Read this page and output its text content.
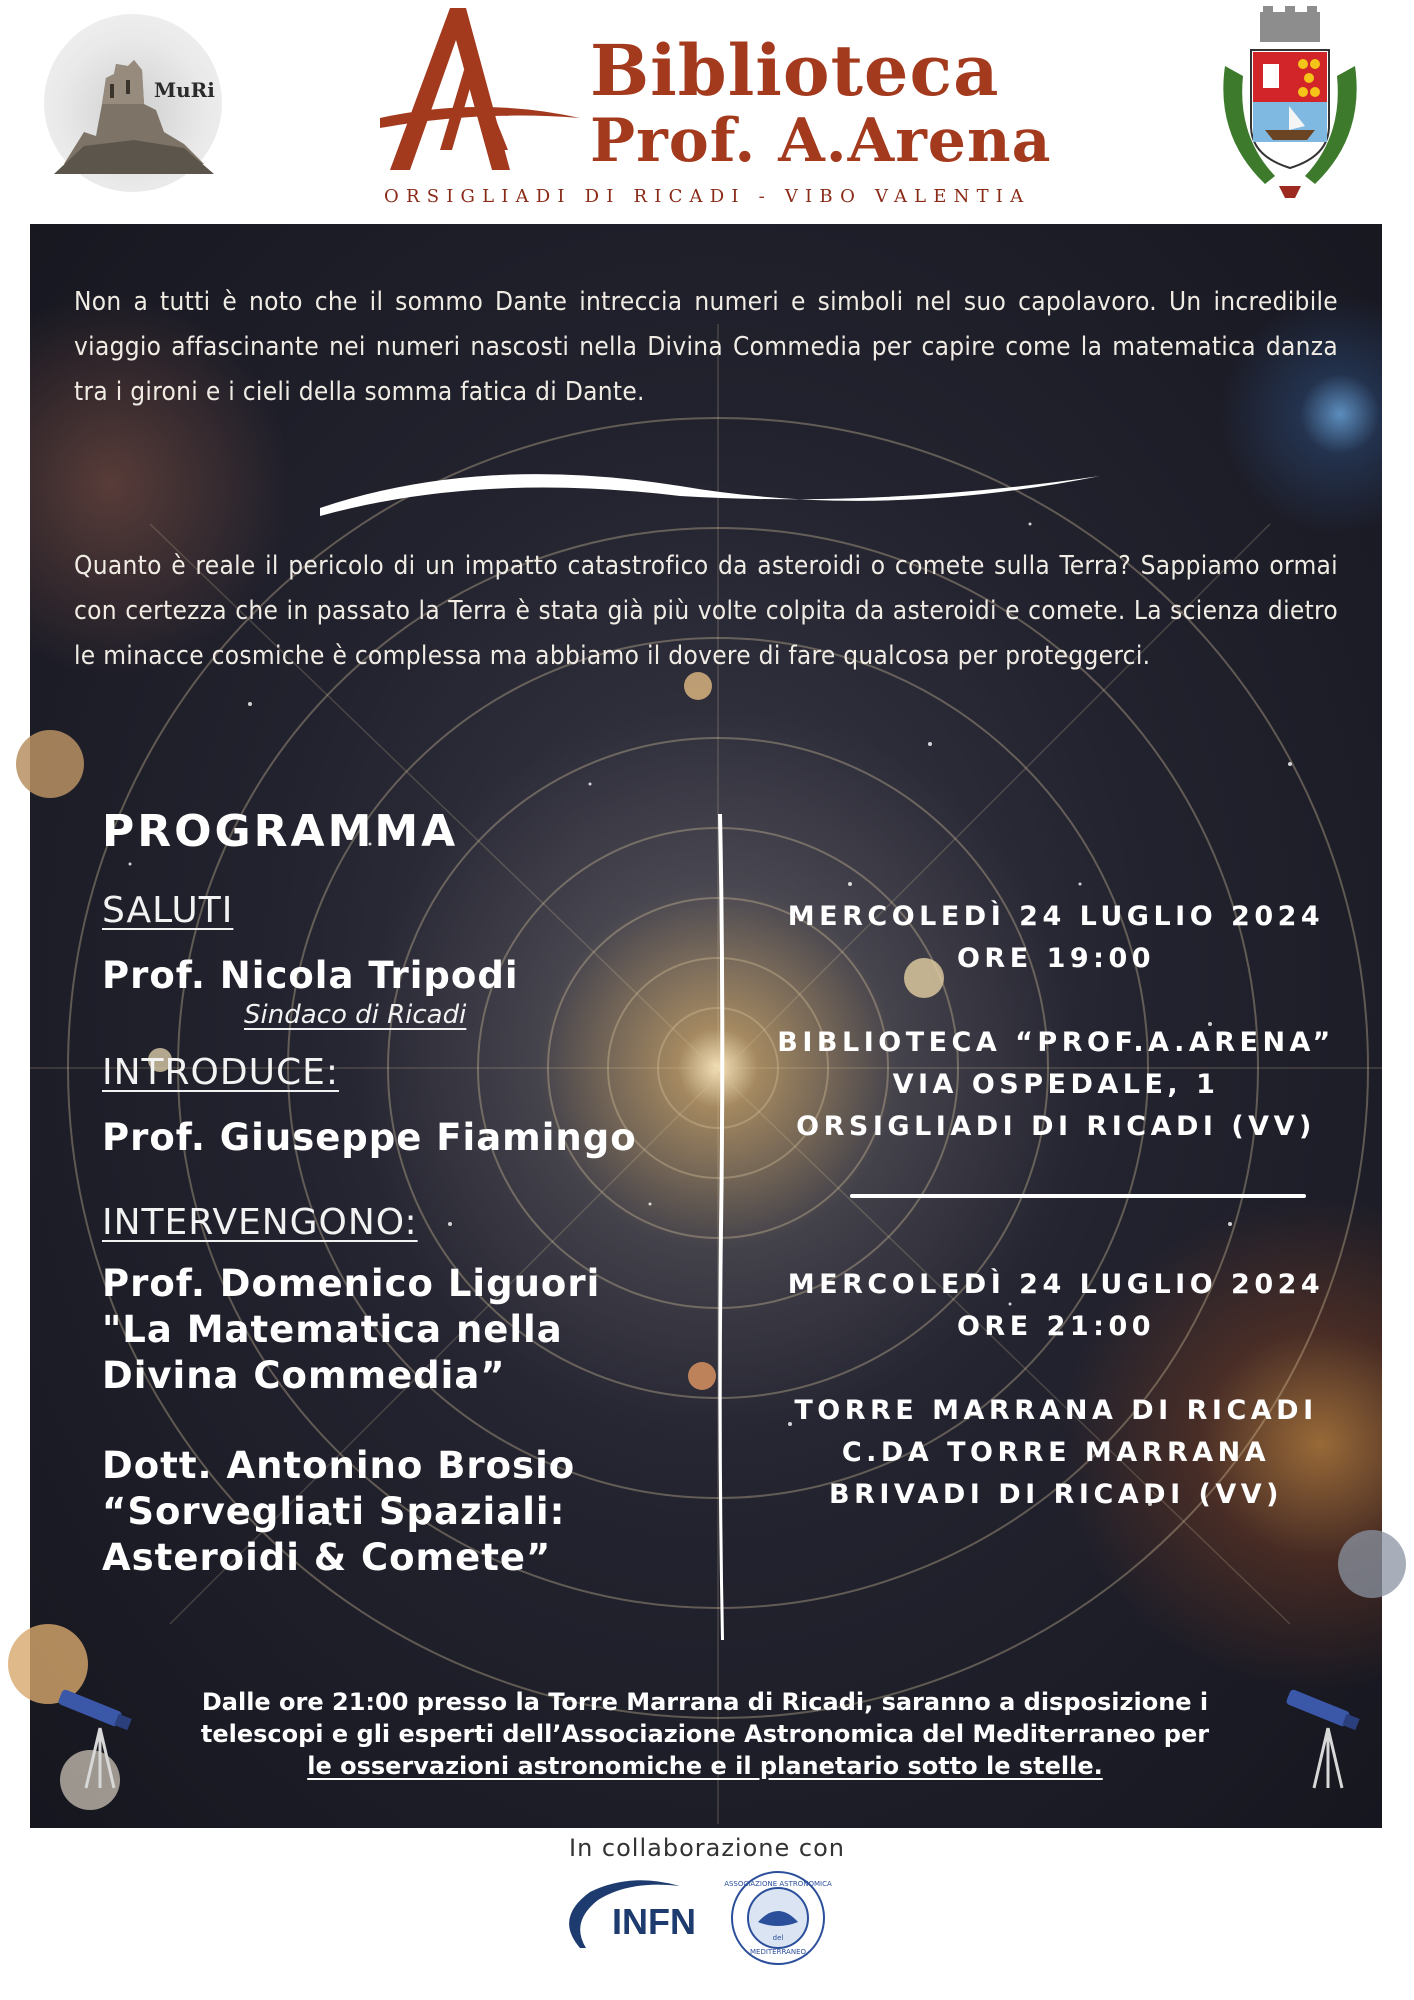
MuRi	Biblioteca
Prof. A.Arena
ORSIGLIADI DI RICADI - VIBO VALENTIA
Non a tutti è noto che il sommo Dante intreccia numeri e simboli nel suo capolavoro. Un incredibile viaggio affascinante nei numeri nascosti nella Divina Commedia per capire come la matematica danza tra i gironi e i cieli della somma fatica di Dante.
Quanto è reale il pericolo di un impatto catastrofico da asteroidi o comete sulla Terra? Sappiamo ormai con certezza che in passato la Terra è stata già più volte colpita da asteroidi e comete. La scienza dietro le minacce cosmiche è complessa ma abbiamo il dovere di fare qualcosa per proteggerci.
PROGRAMMA
SALUTI
Prof. Nicola Tripodi
Sindaco di Ricadi
INTRODUCE:
Prof. Giuseppe Fiamingo
INTERVENGONO:
Prof. Domenico Liguori
"La Matematica nella
Divina Commedia”
Dott. Antonino Brosio
“Sorvegliati Spaziali:
Asteroidi & Comete”
MERCOLEDÌ 24 LUGLIO 2024
ORE 19:00
BIBLIOTECA “PROF.A.ARENA”
VIA OSPEDALE, 1
ORSIGLIADI DI RICADI (VV)
MERCOLEDÌ 24 LUGLIO 2024
ORE 21:00
TORRE MARRANA DI RICADI
C.DA TORRE MARRANA
BRIVADI DI RICADI (VV)
Dalle ore 21:00 presso la Torre Marrana di Ricadi, saranno a disposizione i
telescopi e gli esperti dell’Associazione Astronomica del Mediterraneo per
le osservazioni astronomiche e il planetario sotto le stelle.
In collaborazione con
INFN
ASSOCIAZIONE ASTRONOMICA
del
MEDITERRANEO
